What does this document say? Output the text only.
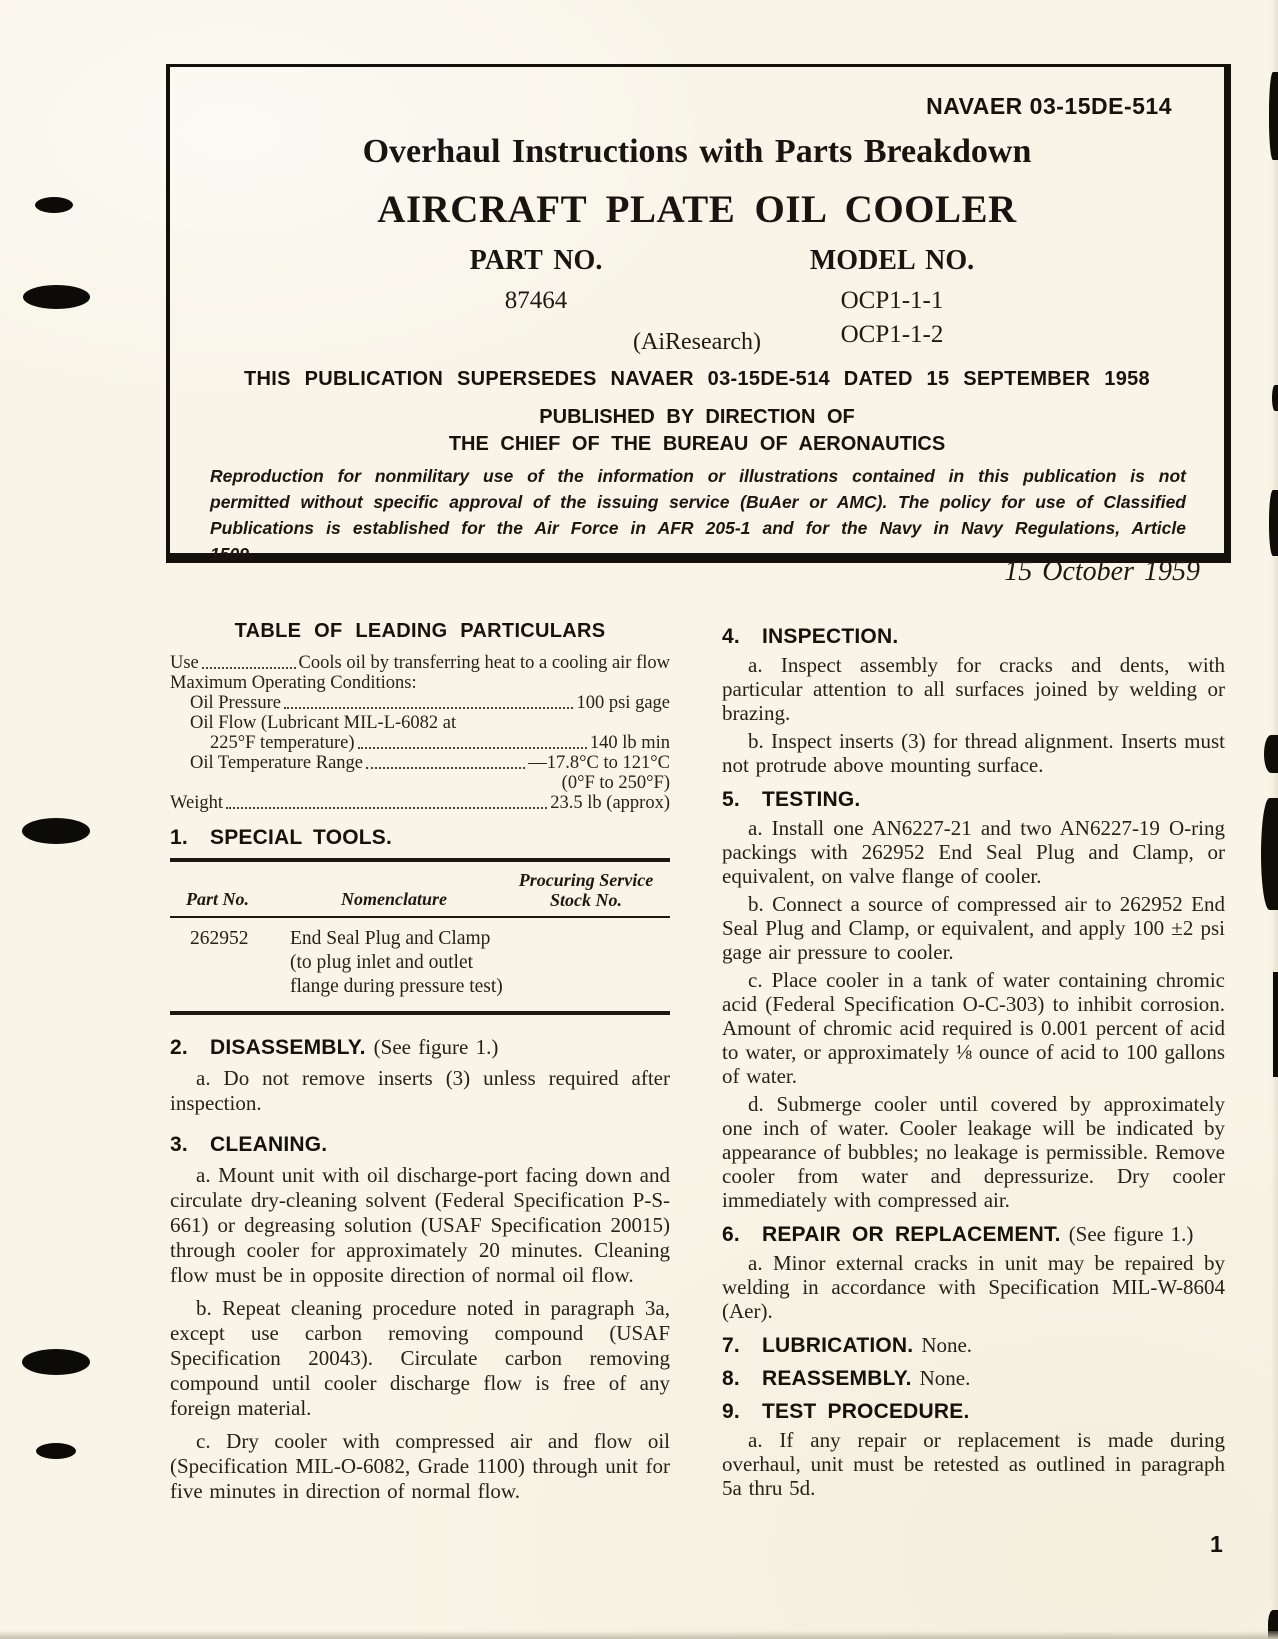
NAVAER 03-15DE-514
Overhaul Instructions with Parts Breakdown
AIRCRAFT PLATE OIL COOLER
PART NO.
87464
MODEL NO.
OCP1-1-1
OCP1-1-2
(AiResearch)
THIS PUBLICATION SUPERSEDES NAVAER 03-15DE-514 DATED 15 SEPTEMBER 1958
PUBLISHED BY DIRECTION OF
THE CHIEF OF THE BUREAU OF AERONAUTICS
Reproduction for nonmilitary use of the information or illustrations contained in this publication is not permitted without specific approval of the issuing service (BuAer or AMC). The policy for use of Classified Publications is established for the Air Force in AFR 205-1 and for the Navy in Navy Regulations, Article 1509.
15 October 1959
TABLE OF LEADING PARTICULARS
Use	Cools oil by transferring heat to a cooling air flow
Maximum Operating Conditions:
Oil Pressure	100 psi gage
Oil Flow (Lubricant MIL-L-6082 at
225°F temperature)	140 lb min
Oil Temperature Range	—17.8°C to 121°C
(0°F to 250°F)
Weight	23.5 lb (approx)
1.  SPECIAL TOOLS.
Part No.	Nomenclature
Procuring Service
Stock No.
262952	End Seal Plug and Clamp
(to plug inlet and outlet
flange during pressure test)
2.  DISASSEMBLY. (See figure 1.)

a. Do not remove inserts (3) unless required after inspection.

3.  CLEANING.

a. Mount unit with oil discharge-port facing down and circulate dry-cleaning solvent (Federal Specification P-S-661) or degreasing solution (USAF Specification 20015) through cooler for approximately 20 minutes. Cleaning flow must be in opposite direction of normal oil flow.

b. Repeat cleaning procedure noted in paragraph 3a, except use carbon removing compound (USAF Specification 20043). Circulate carbon removing compound until cooler discharge flow is free of any foreign material.

c. Dry cooler with compressed air and flow oil (Specification MIL-O-6082, Grade 1100) through unit for five minutes in direction of normal flow.

4.  INSPECTION.

a. Inspect assembly for cracks and dents, with particular attention to all surfaces joined by welding or brazing.

b. Inspect inserts (3) for thread alignment. Inserts must not protrude above mounting surface.

5.  TESTING.

a. Install one AN6227-21 and two AN6227-19 O-ring packings with 262952 End Seal Plug and Clamp, or equivalent, on valve flange of cooler.

b. Connect a source of compressed air to 262952 End Seal Plug and Clamp, or equivalent, and apply 100 ±2 psi gage air pressure to cooler.

c. Place cooler in a tank of water containing chromic acid (Federal Specification O-C-303) to inhibit corrosion. Amount of chromic acid required is 0.001 percent of acid to water, or approximately ⅛ ounce of acid to 100 gallons of water.

d. Submerge cooler until covered by approximately one inch of water. Cooler leakage will be indicated by appearance of bubbles; no leakage is permissible. Remove cooler from water and depressurize. Dry cooler immediately with compressed air.

6.  REPAIR OR REPLACEMENT. (See figure 1.)

a. Minor external cracks in unit may be repaired by welding in accordance with Specification MIL-W-8604 (Aer).

7.  LUBRICATION. None.
8.  REASSEMBLY. None.
9.  TEST PROCEDURE.

a. If any repair or replacement is made during overhaul, unit must be retested as outlined in paragraph 5a thru 5d.

1
